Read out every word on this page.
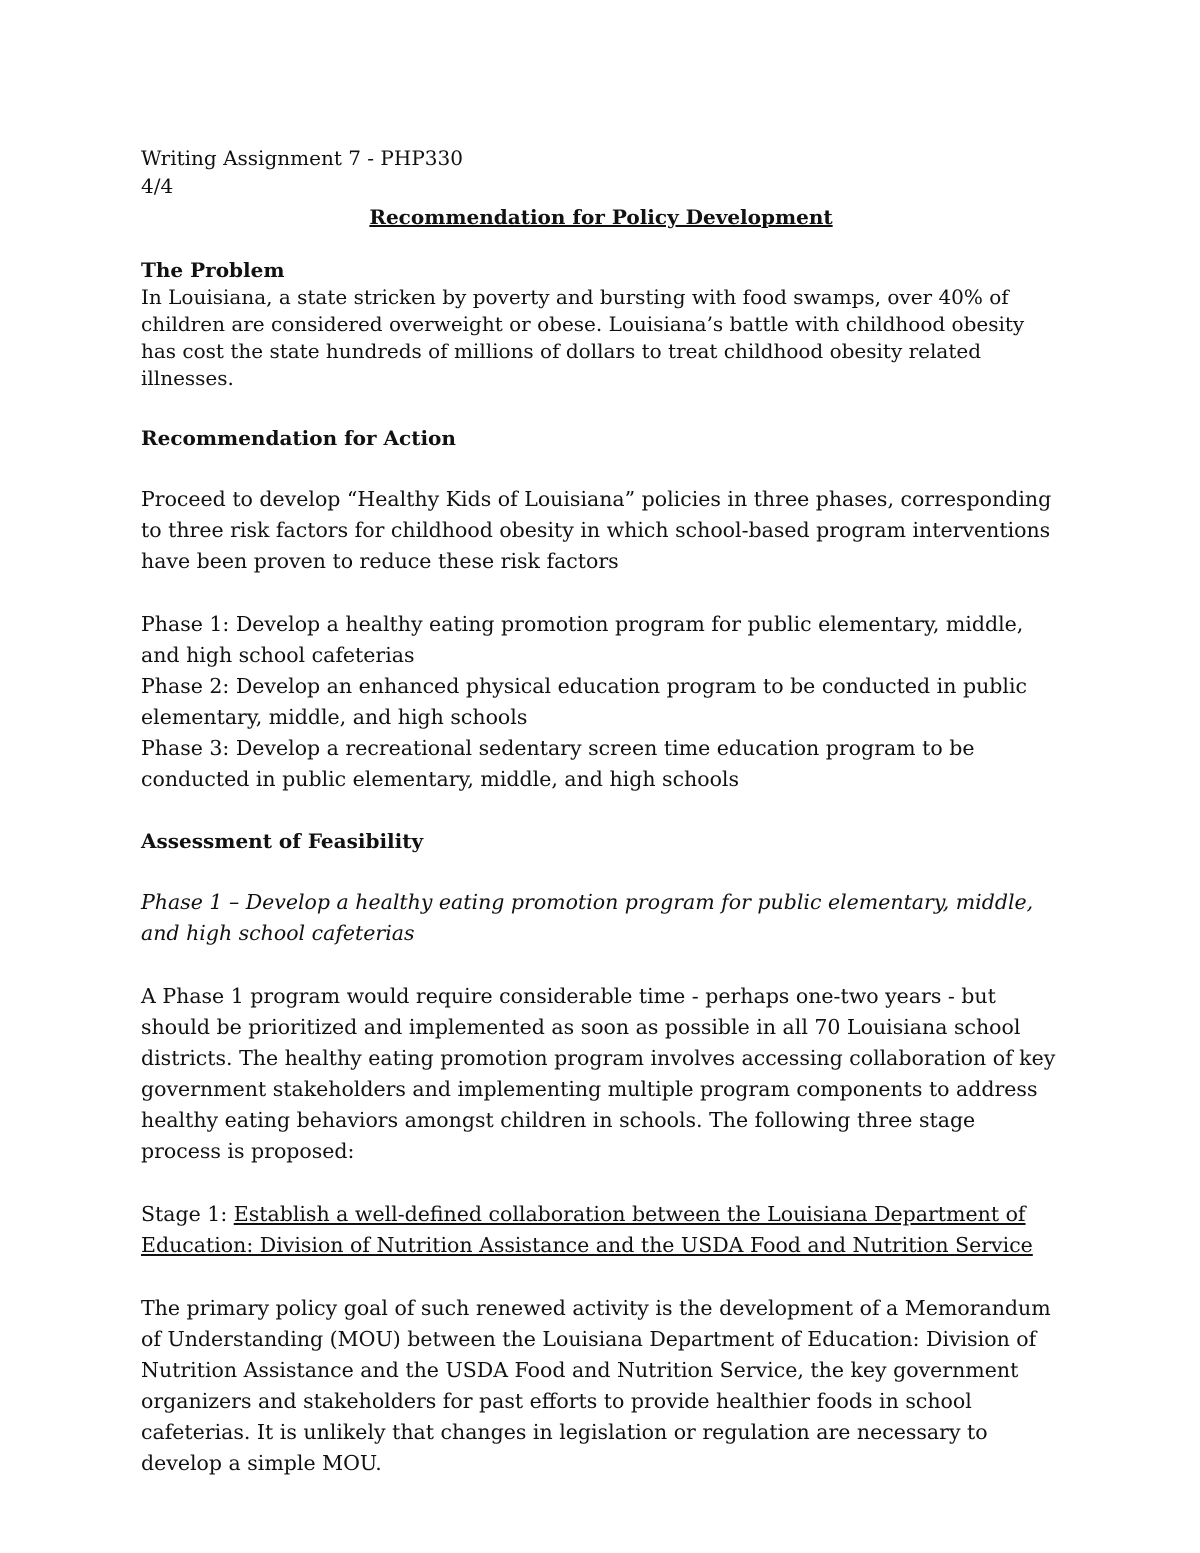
Writing Assignment 7 - PHP330

4/4

Recommendation for Policy Development

The Problem

In Louisiana, a state stricken by poverty and bursting with food swamps, over 40% of children are considered overweight or obese. Louisiana’s battle with childhood obesity has cost the state hundreds of millions of dollars to treat childhood obesity related illnesses.

Recommendation for Action

Proceed to develop “Healthy Kids of Louisiana” policies in three phases, corresponding to three risk factors for childhood obesity in which school-based program interventions have been proven to reduce these risk factors

Phase 1: Develop a healthy eating promotion program for public elementary, middle, and high school cafeterias

Phase 2: Develop an enhanced physical education program to be conducted in public elementary, middle, and high schools

Phase 3: Develop a recreational sedentary screen time education program to be conducted in public elementary, middle, and high schools

Assessment of Feasibility

Phase 1 – Develop a healthy eating promotion program for public elementary, middle, and high school cafeterias

A Phase 1 program would require considerable time - perhaps one-two years - but should be prioritized and implemented as soon as possible in all 70 Louisiana school districts. The healthy eating promotion program involves accessing collaboration of key government stakeholders and implementing multiple program components to address healthy eating behaviors amongst children in schools. The following three stage process is proposed:

Stage 1: Establish a well-defined collaboration between the Louisiana Department of Education: Division of Nutrition Assistance and the USDA Food and Nutrition Service

The primary policy goal of such renewed activity is the development of a Memorandum of Understanding (MOU) between the Louisiana Department of Education: Division of Nutrition Assistance and the USDA Food and Nutrition Service, the key government organizers and stakeholders for past efforts to provide healthier foods in school cafeterias. It is unlikely that changes in legislation or regulation are necessary to develop a simple MOU.
